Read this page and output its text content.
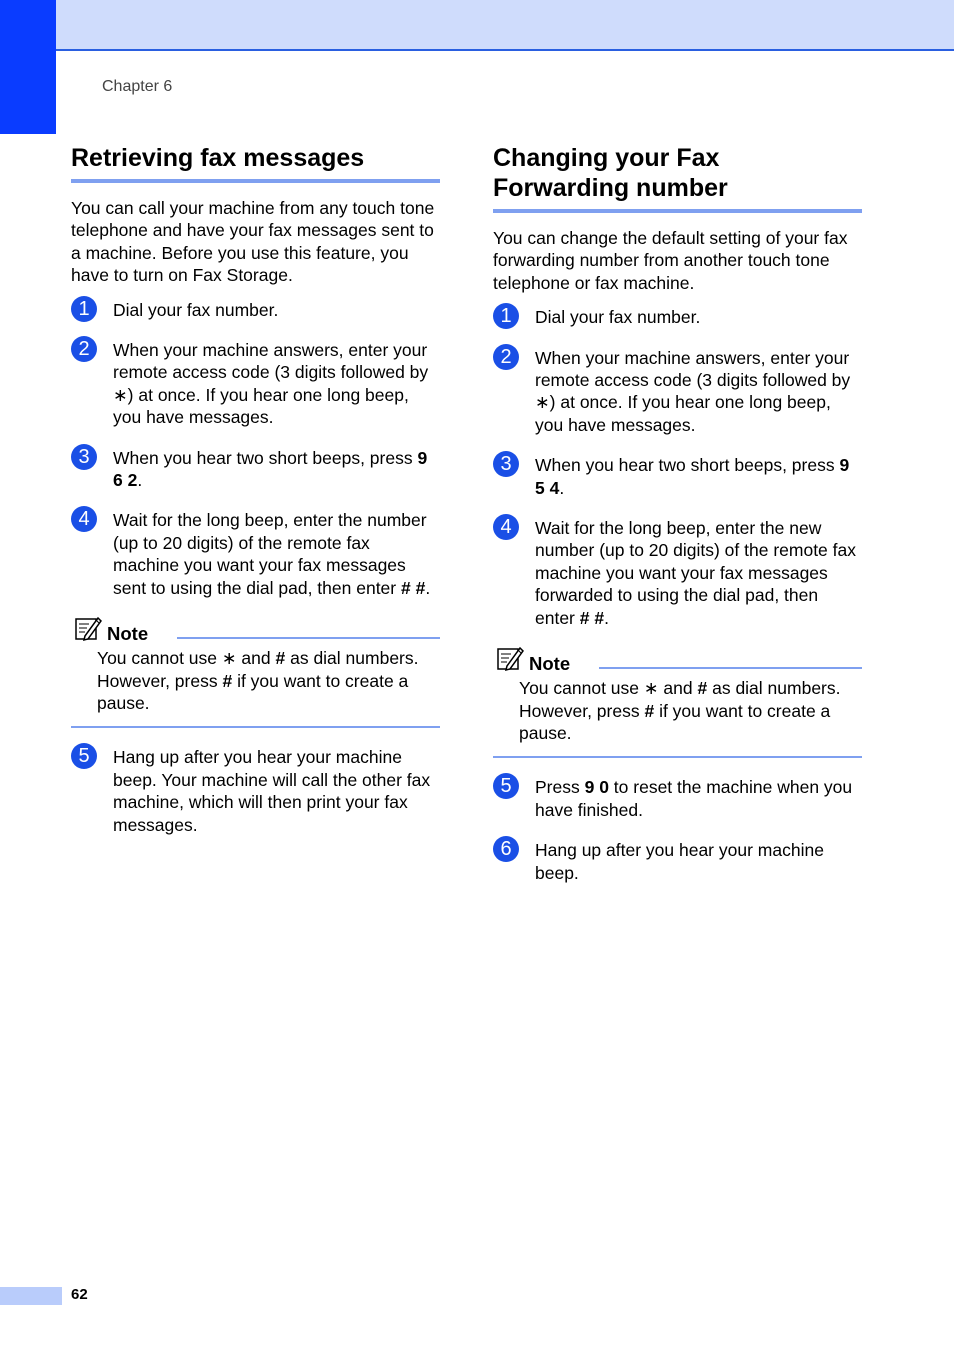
Chapter 6
Retrieving fax messages

You can call your machine from any touch tone telephone and have your fax messages sent to a machine. Before you use this feature, you have to turn on Fax Storage.

1	Dial your fax number.
2	When your machine answers, enter your remote access code (3 digits followed by ∗) at once. If you hear one long beep, you have messages.
3	When you hear two short beeps, press 9 6 2.
4	Wait for the long beep, enter the number (up to 20 digits) of the remote fax machine you want your fax messages sent to using the dial pad, then enter # #.
Note
You cannot use ∗ and # as dial numbers. However, press # if you want to create a pause.
5	Hang up after you hear your machine beep. Your machine will call the other fax machine, which will then print your fax messages.
Changing your Fax
Forwarding number

You can change the default setting of your fax forwarding number from another touch tone telephone or fax machine.

1	Dial your fax number.
2	When your machine answers, enter your remote access code (3 digits followed by ∗) at once. If you hear one long beep, you have messages.
3	When you hear two short beeps, press 9 5 4.
4	Wait for the long beep, enter the new number (up to 20 digits) of the remote fax machine you want your fax messages forwarded to using the dial pad, then enter # #.
Note
You cannot use ∗ and # as dial numbers. However, press # if you want to create a pause.
5	Press 9 0 to reset the machine when you have finished.
6	Hang up after you hear your machine beep.
62
